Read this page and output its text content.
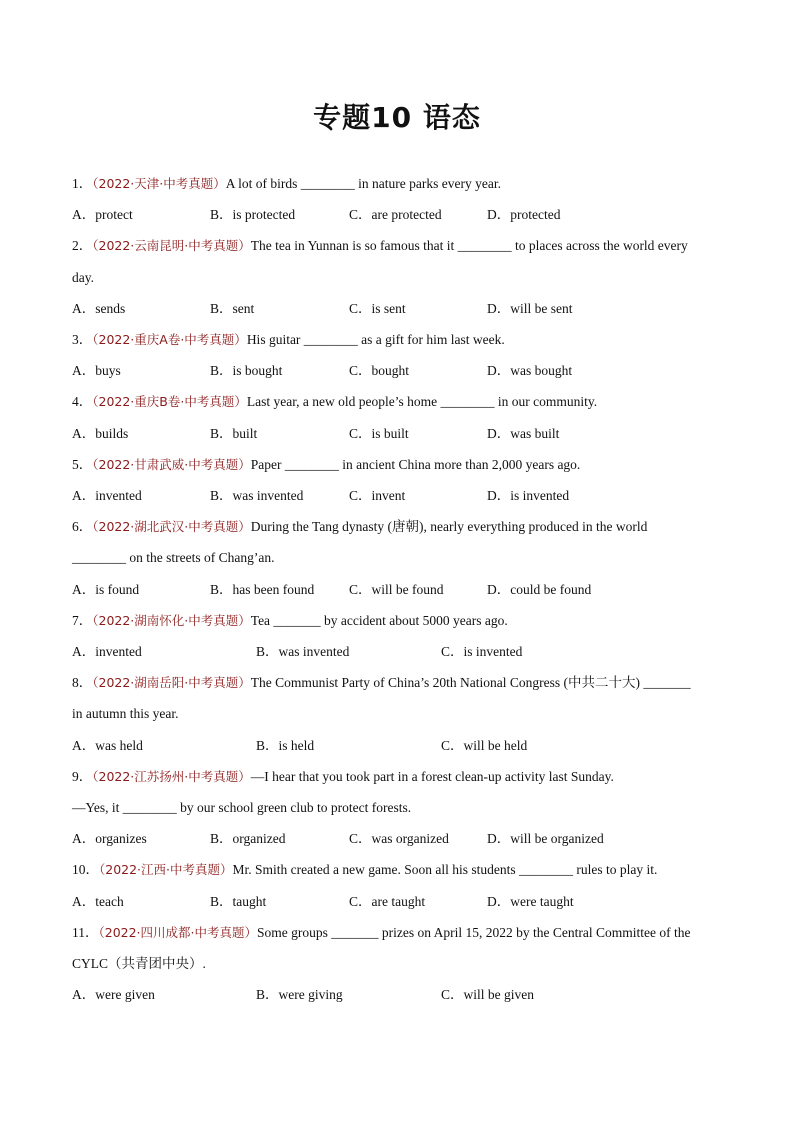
专题10 语态
1．（2022·天津·中考真题）A lot of birds ________ in nature parks every year.
A．protect	B．is protected	C．are protected	D．protected
2．（2022·云南昆明·中考真题）The tea in Yunnan is so famous that it ________ to places across the world every
day.
A．sends	B．sent	C．is sent	D．will be sent
3．（2022·重庆A卷·中考真题）His guitar ________ as a gift for him last week.
A．buys	B．is bought	C．bought	D．was bought
4．（2022·重庆B卷·中考真题）Last year, a new old people’s home ________ in our community.
A．builds	B．built	C．is built	D．was built
5．（2022·甘肃武威·中考真题）Paper ________ in ancient China more than 2,000 years ago.
A．invented	B．was invented	C．invent	D．is invented
6．（2022·湖北武汉·中考真题）During the Tang dynasty (唐朝), nearly everything produced in the world
________ on the streets of Chang’an.
A．is found	B．has been found	C．will be found	D．could be found
7．（2022·湖南怀化·中考真题）Tea _______ by accident about 5000 years ago.
A．invented	B．was invented	C．is invented
8．（2022·湖南岳阳·中考真题）The Communist Party of China’s 20th National Congress (中共二十大) _______
in autumn this year.
A．was held	B．is held	C．will be held
9．（2022·江苏扬州·中考真题）—I hear that you took part in a forest clean-up activity last Sunday.
—Yes, it ________ by our school green club to protect forests.
A．organizes	B．organized	C．was organized	D．will be organized
10．（2022·江西·中考真题）Mr. Smith created a new game. Soon all his students ________ rules to play it.
A．teach	B．taught	C．are taught	D．were taught
11．（2022·四川成都·中考真题）Some groups _______ prizes on April 15, 2022 by the Central Committee of the
CYLC（共青团中央）.
A．were given	B．were giving	C．will be given
